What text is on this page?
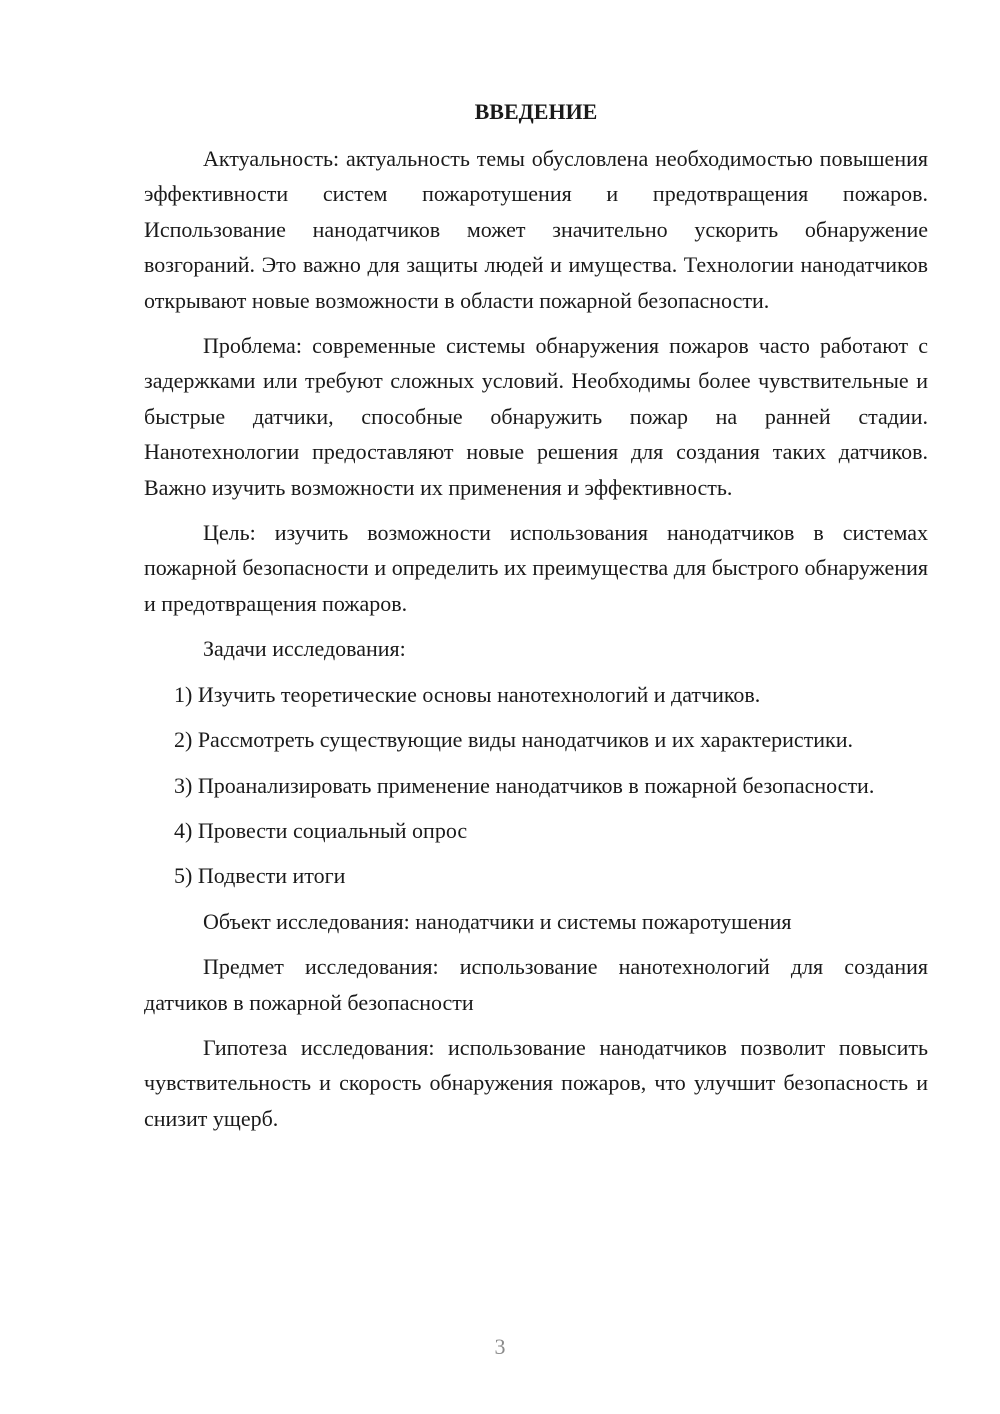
ВВЕДЕНИЕ

Актуальность: актуальность темы обусловлена необходимостью повышения эффективности систем пожаротушения и предотвращения пожаров. Использование нанодатчиков может значительно ускорить обнаружение возгораний. Это важно для защиты людей и имущества. Технологии нанодатчиков открывают новые возможности в области пожарной безопасности.

Проблема: современные системы обнаружения пожаров часто работают с задержками или требуют сложных условий. Необходимы более чувствительные и быстрые датчики, способные обнаружить пожар на ранней стадии. Нанотехнологии предоставляют новые решения для создания таких датчиков. Важно изучить возможности их применения и эффективность.

Цель: изучить возможности использования нанодатчиков в системах пожарной безопасности и определить их преимущества для быстрого обнаружения и предотвращения пожаров.

Задачи исследования:

1) Изучить теоретические основы нанотехнологий и датчиков.

2) Рассмотреть существующие виды нанодатчиков и их характеристики.

3) Проанализировать применение нанодатчиков в пожарной безопасности.

4) Провести социальный опрос

5) Подвести итоги

Объект исследования: нанодатчики и системы пожаротушения

Предмет исследования: использование нанотехнологий для создания датчиков в пожарной безопасности

Гипотеза исследования: использование нанодатчиков позволит повысить чувствительность и скорость обнаружения пожаров, что улучшит безопасность и снизит ущерб.

3
